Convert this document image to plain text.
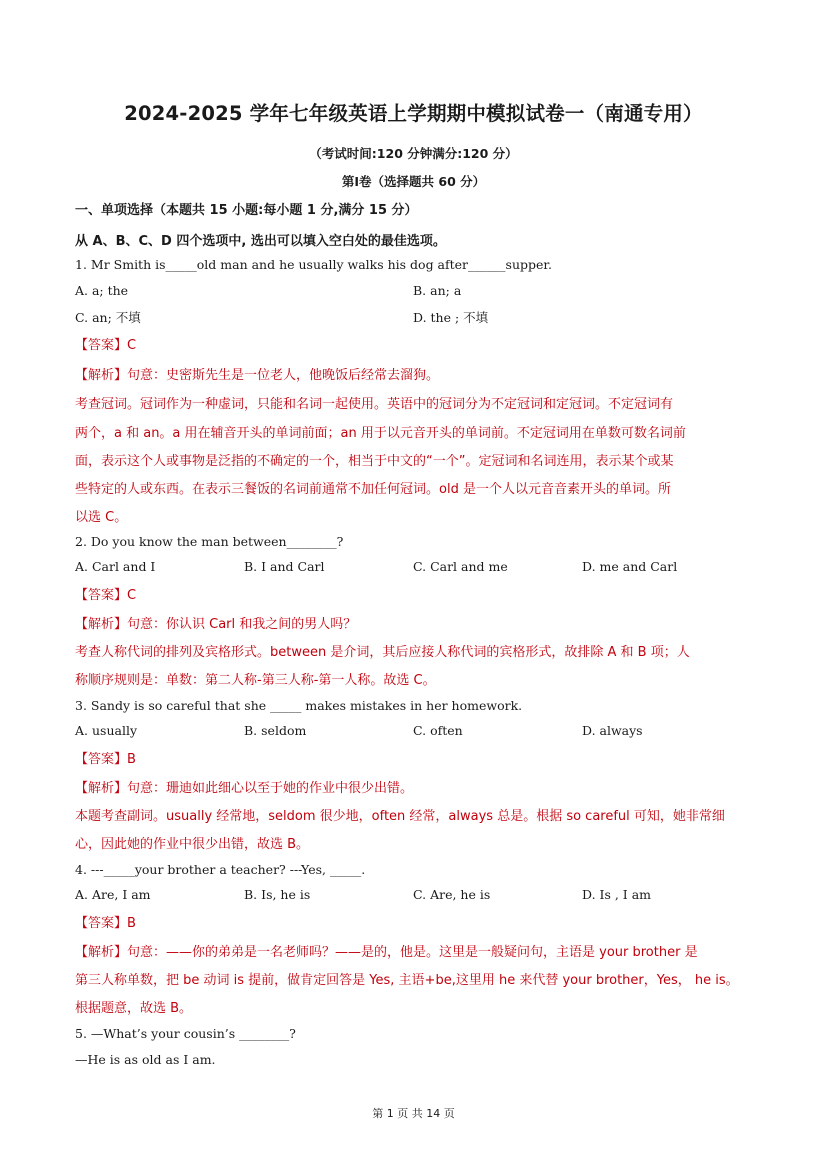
2024-2025 学年七年级英语上学期期中模拟试卷一（南通专用）
（考试时间:120 分钟满分:120 分）
第Ⅰ卷（选择题共 60 分）
一、单项选择（本题共 15 小题:每小题 1 分,满分 15 分）
从 A、B、C、D 四个选项中, 选出可以填入空白处的最佳选项。
1. Mr Smith is_____old man and he usually walks his dog after______supper.
A. a; the	B. an; a
C. an; 不填	D. the ; 不填
【答案】C
【解析】句意：史密斯先生是一位老人，他晚饭后经常去溜狗。
考查冠词。冠词作为一种虚词，只能和名词一起使用。英语中的冠词分为不定冠词和定冠词。不定冠词有
两个，a 和 an。a 用在辅音开头的单词前面；an 用于以元音开头的单词前。不定冠词用在单数可数名词前
面，表示这个人或事物是泛指的不确定的一个，相当于中文的“一个”。定冠词和名词连用，表示某个或某
些特定的人或东西。在表示三餐饭的名词前通常不加任何冠词。old 是一个人以元音音素开头的单词。所
以选 C。
2. Do you know the man between________?
A. Carl and I	B. I and Carl	C. Carl and me	D. me and Carl
【答案】C
【解析】句意：你认识 Carl 和我之间的男人吗？
考查人称代词的排列及宾格形式。between 是介词，其后应接人称代词的宾格形式，故排除 A 和 B 项；人
称顺序规则是：单数：第二人称-第三人称-第一人称。故选 C。
3. Sandy is so careful that she _____ makes mistakes in her homework.
A. usually	B. seldom	C. often	D. always
【答案】B
【解析】句意：珊迪如此细心以至于她的作业中很少出错。
本题考查副词。usually 经常地，seldom 很少地，often 经常，always 总是。根据 so careful 可知，她非常细
心，因此她的作业中很少出错，故选 B。
4. ---_____your brother a teacher? ---Yes, _____.
A. Are, I am	B. Is, he is	C. Are, he is	D. Is , I am
【答案】B
【解析】句意：——你的弟弟是一名老师吗？——是的，他是。这里是一般疑问句，主语是 your brother 是
第三人称单数，把 be 动词 is 提前，做肯定回答是 Yes, 主语+be,这里用 he 来代替 your brother，Yes， he is。
根据题意，故选 B。
5. —What’s your cousin’s ________?
—He is as old as I am.
第 1 页 共 14 页
